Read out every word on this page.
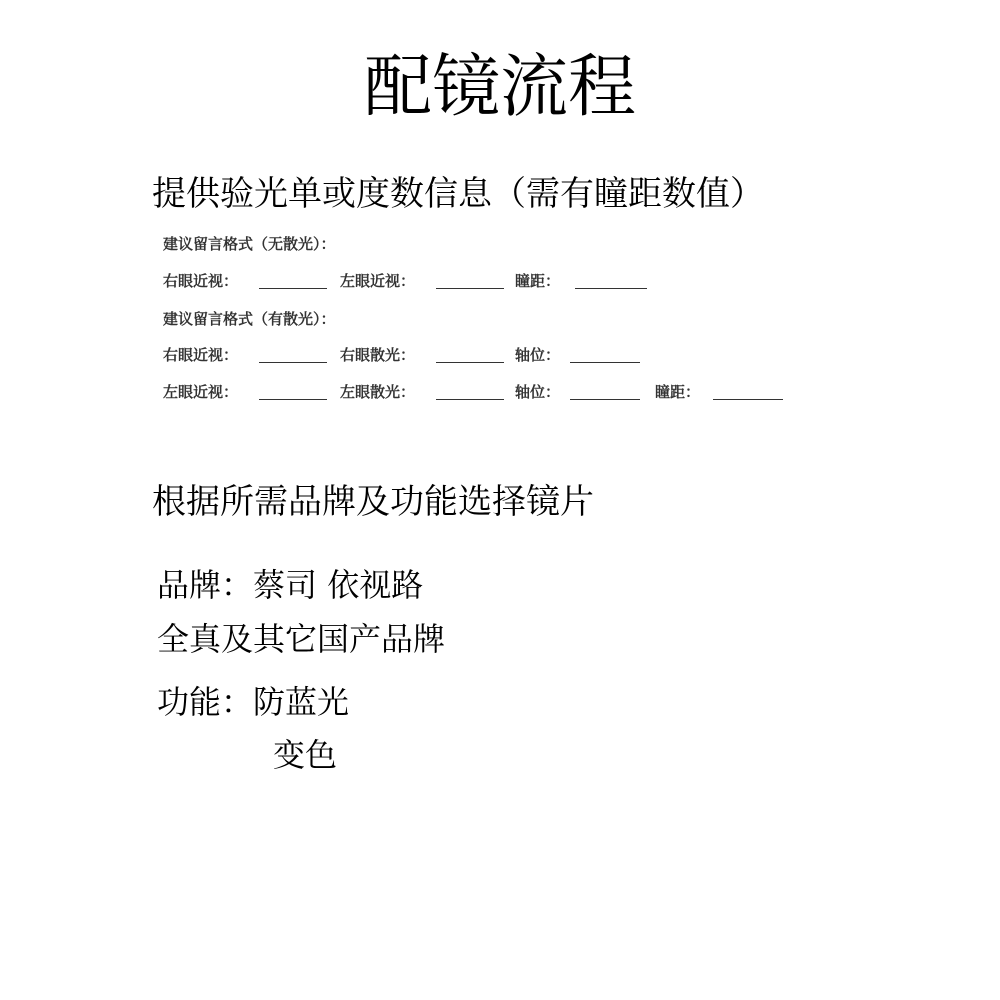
配镜流程
提供验光单或度数信息（需有瞳距数值）
建议留言格式（无散光）：
右眼近视：	左眼近视：	瞳距：
建议留言格式（有散光）：
右眼近视：	右眼散光：	轴位：
左眼近视：	左眼散光：	轴位：	瞳距：
根据所需品牌及功能选择镜片
品牌：蔡司 依视路
全真及其它国产品牌
功能：防蓝光
变色
